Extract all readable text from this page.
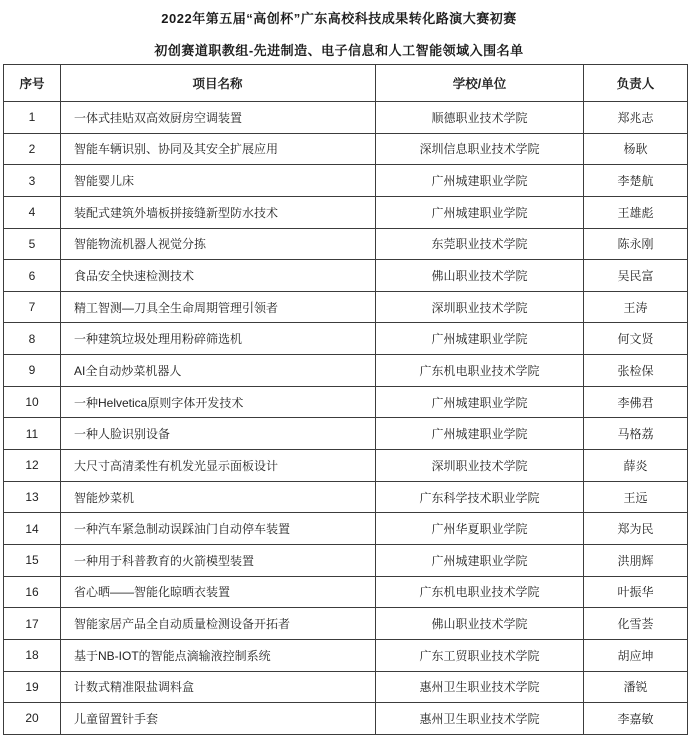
2022年第五届“高创杯”广东高校科技成果转化路演大赛初赛
初创赛道职教组-先进制造、电子信息和人工智能领域入围名单
序号	项目名称	学校/单位	负责人
1	一体式挂贴双高效厨房空调装置	顺德职业技术学院	郑兆志
2	智能车辆识别、协同及其安全扩展应用	深圳信息职业技术学院	杨耿
3	智能婴儿床	广州城建职业学院	李楚航
4	装配式建筑外墙板拼接缝新型防水技术	广州城建职业学院	王雄彪
5	智能物流机器人视觉分拣	东莞职业技术学院	陈永刚
6	食品安全快速检测技术	佛山职业技术学院	吴民富
7	精工智测—刀具全生命周期管理引领者	深圳职业技术学院	王涛
8	一种建筑垃圾处理用粉碎筛选机	广州城建职业学院	何文贤
9	AI全自动炒菜机器人	广东机电职业技术学院	张检保
10	一种Helvetica原则字体开发技术	广州城建职业学院	李佛君
11	一种人脸识别设备	广州城建职业学院	马格荔
12	大尺寸高清柔性有机发光显示面板设计	深圳职业技术学院	薛炎
13	智能炒菜机	广东科学技术职业学院	王远
14	一种汽车紧急制动误踩油门自动停车装置	广州华夏职业学院	郑为民
15	一种用于科普教育的火箭模型装置	广州城建职业学院	洪朋辉
16	省心晒——智能化晾晒衣装置	广东机电职业技术学院	叶振华
17	智能家居产品全自动质量检测设备开拓者	佛山职业技术学院	化雪荟
18	基于NB-IOT的智能点滴输液控制系统	广东工贸职业技术学院	胡应坤
19	计数式精准限盐调料盒	惠州卫生职业技术学院	潘锐
20	儿童留置针手套	惠州卫生职业技术学院	李嘉敏
